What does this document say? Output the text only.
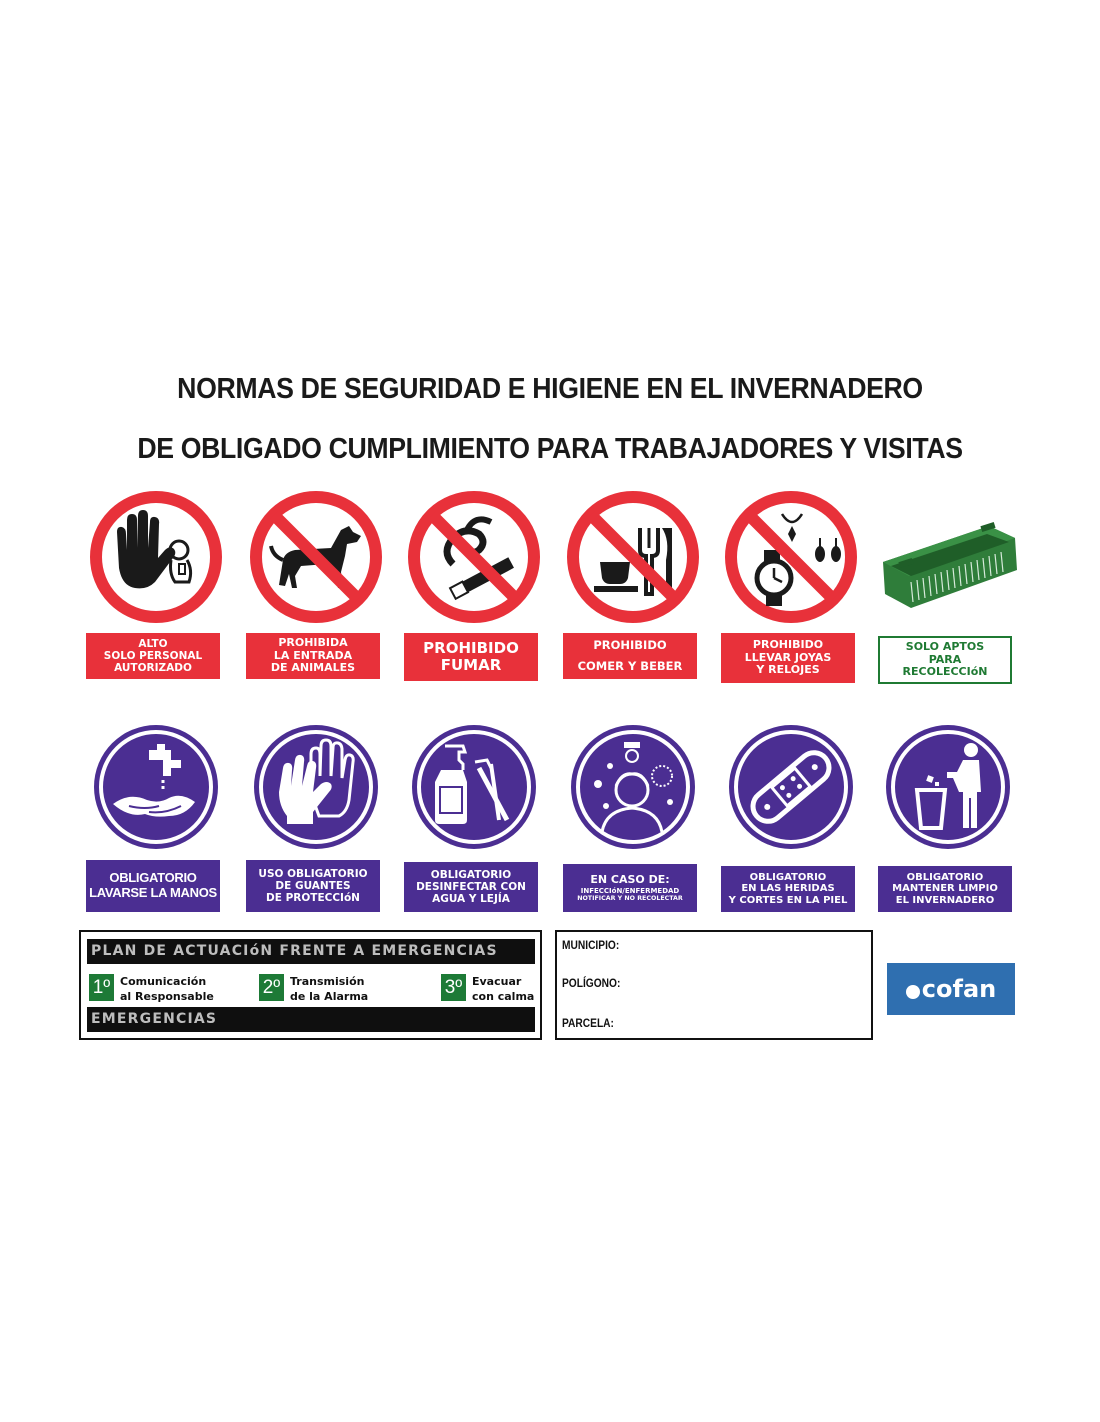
NORMAS DE SEGURIDAD E HIGIENE EN EL INVERNADERO
DE OBLIGADO CUMPLIMIENTO PARA TRABAJADORES Y VISITAS
ALTO
SOLO PERSONAL
AUTORIZADO
PROHIBIDA
LA ENTRADA
DE ANIMALES
PROHIBIDO
FUMAR
PROHIBIDO
COMER Y BEBER
PROHIBIDO
LLEVAR JOYAS
Y RELOJES
SOLO APTOS
PARA
RECOLECCIóN
OBLIGATORIO
LAVARSE LA MANOS
USO OBLIGATORIO
DE GUANTES
DE PROTECCIóN
OBLIGATORIO
DESINFECTAR CON
AGUA Y LEJÍA
EN CASO DE:
INFECCIóN/ENFERMEDAD
NOTIFICAR Y NO RECOLECTAR
OBLIGATORIO
EN LAS HERIDAS
Y CORTES EN LA PIEL
OBLIGATORIO
MANTENER LIMPIO
EL INVERNADERO
PLAN DE ACTUACIóN FRENTE A EMERGENCIAS
1º Comunicación
al Responsable	2º Transmisión
de la Alarma	3º Evacuar
con calma
EMERGENCIAS
MUNICIPIO:
POLÍGONO:
PARCELA:
cofan
